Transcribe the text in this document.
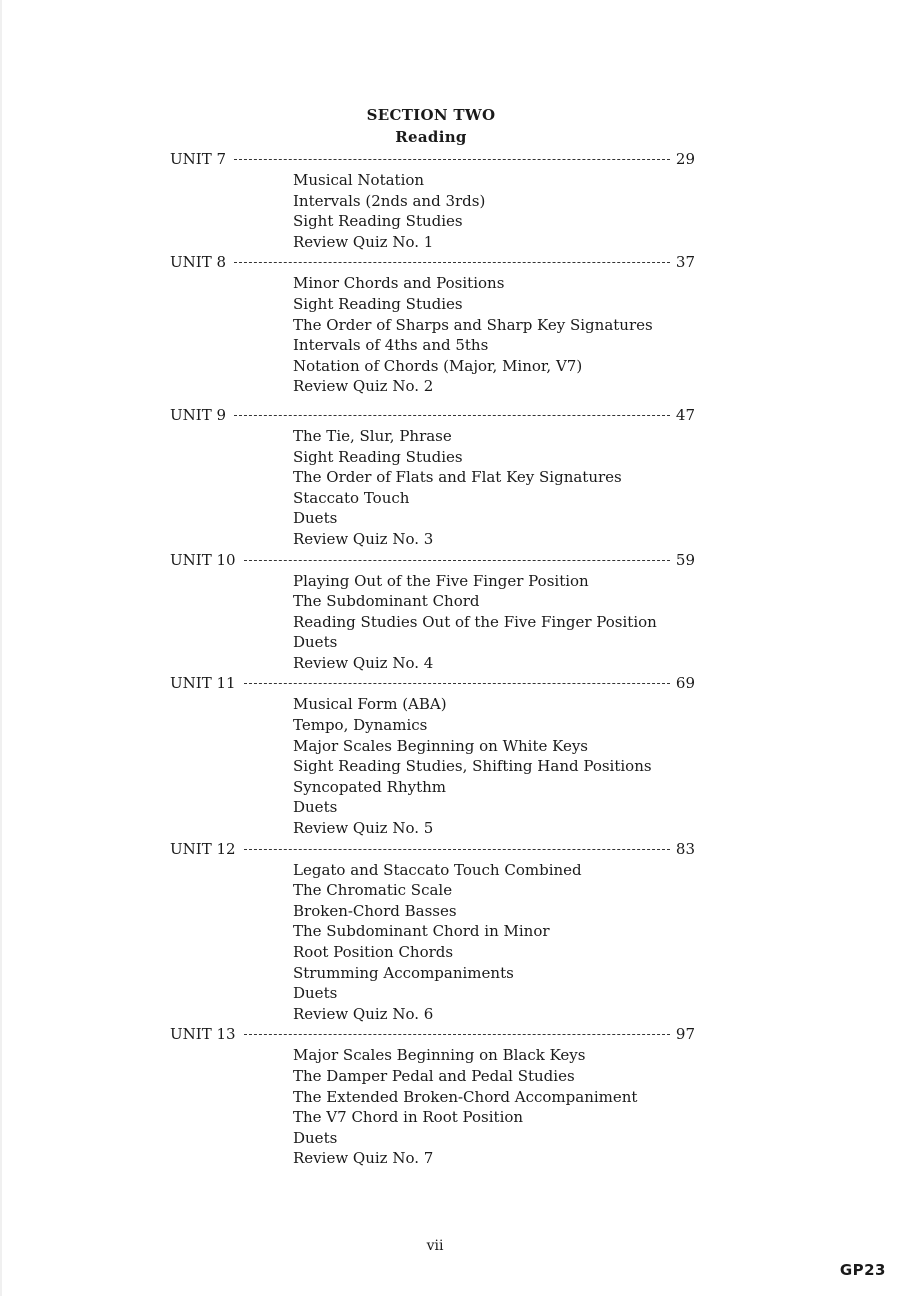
SECTION TWO
Reading
UNIT 7	29
Musical Notation
Intervals (2nds and 3rds)
Sight Reading Studies
Review Quiz No. 1
UNIT 8	37
Minor Chords and Positions
Sight Reading Studies
The Order of Sharps and Sharp Key Signatures
Intervals of 4ths and 5ths
Notation of Chords (Major, Minor, V7)
Review Quiz No. 2
UNIT 9	47
The Tie, Slur, Phrase
Sight Reading Studies
The Order of Flats and Flat Key Signatures
Staccato Touch
Duets
Review Quiz No. 3
UNIT 10	59
Playing Out of the Five Finger Position
The Subdominant Chord
Reading Studies Out of the Five Finger Position
Duets
Review Quiz No. 4
UNIT 11	69
Musical Form (ABA)
Tempo, Dynamics
Major Scales Beginning on White Keys
Sight Reading Studies, Shifting Hand Positions
Syncopated Rhythm
Duets
Review Quiz No. 5
UNIT 12	83
Legato and Staccato Touch Combined
The Chromatic Scale
Broken-Chord Basses
The Subdominant Chord in Minor
Root Position Chords
Strumming Accompaniments
Duets
Review Quiz No. 6
UNIT 13	97
Major Scales Beginning on Black Keys
The Damper Pedal and Pedal Studies
The Extended Broken-Chord Accompaniment
The V7 Chord in Root Position
Duets
Review Quiz No. 7
vii
GP23
